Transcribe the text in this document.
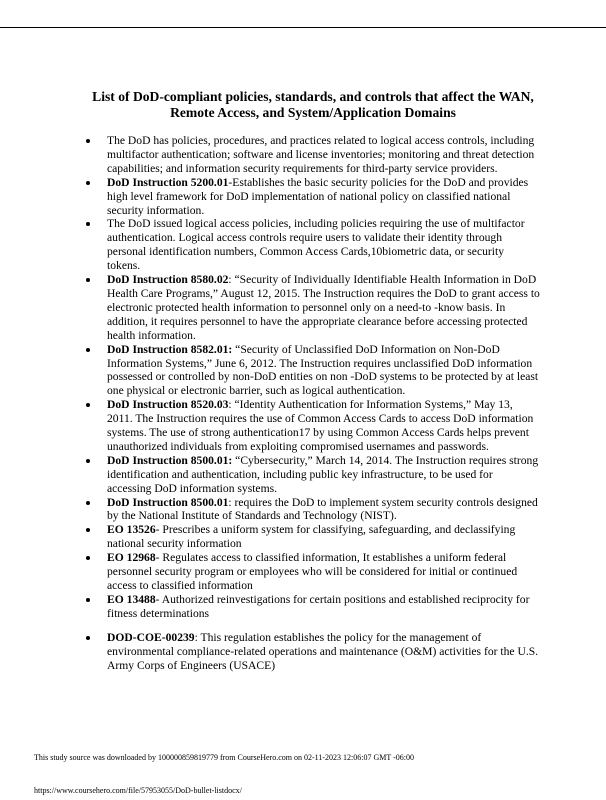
List of DoD-compliant policies, standards, and controls that affect the WAN, Remote Access, and System/Application Domains
The DoD has policies, procedures, and practices related to logical access controls, including multifactor authentication; software and license inventories; monitoring and threat detection capabilities; and information security requirements for third-party service providers.
DoD Instruction 5200.01-Establishes the basic security policies for the DoD and provides high level framework for DoD implementation of national policy on classified national security information.
The DoD issued logical access policies, including policies requiring the use of multifactor authentication. Logical access controls require users to validate their identity through personal identification numbers, Common Access Cards,10biometric data, or security tokens.
DoD Instruction 8580.02: “Security of Individually Identifiable Health Information in DoD Health Care Programs,” August 12, 2015. The Instruction requires the DoD to grant access to electronic protected health information to personnel only on a need-to -know basis. In addition, it requires personnel to have the appropriate clearance before accessing protected health information.
DoD Instruction 8582.01: “Security of Unclassified DoD Information on Non-DoD Information Systems,” June 6, 2012. The Instruction requires unclassified DoD information possessed or controlled by non-DoD entities on non -DoD systems to be protected by at least one physical or electronic barrier, such as logical authentication.
DoD Instruction 8520.03: “Identity Authentication for Information Systems,” May 13, 2011. The Instruction requires the use of Common Access Cards to access DoD information systems. The use of strong authentication17 by using Common Access Cards helps prevent unauthorized individuals from exploiting compromised usernames and passwords.
DoD Instruction 8500.01: “Cybersecurity,” March 14, 2014. The Instruction requires strong identification and authentication, including public key infrastructure, to be used for accessing DoD information systems.
DoD Instruction 8500.01: requires the DoD to implement system security controls designed by the National Institute of Standards and Technology (NIST).
EO 13526- Prescribes a uniform system for classifying, safeguarding, and declassifying national security information
EO 12968- Regulates access to classified information, It establishes a uniform federal personnel security program or employees who will be considered for initial or continued access to classified information
EO 13488- Authorized reinvestigations for certain positions and established reciprocity for fitness determinations
DOD-COE-00239: This regulation establishes the policy for the management of environmental compliance-related operations and maintenance (O&M) activities for the U.S. Army Corps of Engineers (USACE)
This study source was downloaded by 100000859819779 from CourseHero.com on 02-11-2023 12:06:07 GMT -06:00
https://www.coursehero.com/file/57953055/DoD-bullet-listdocx/
